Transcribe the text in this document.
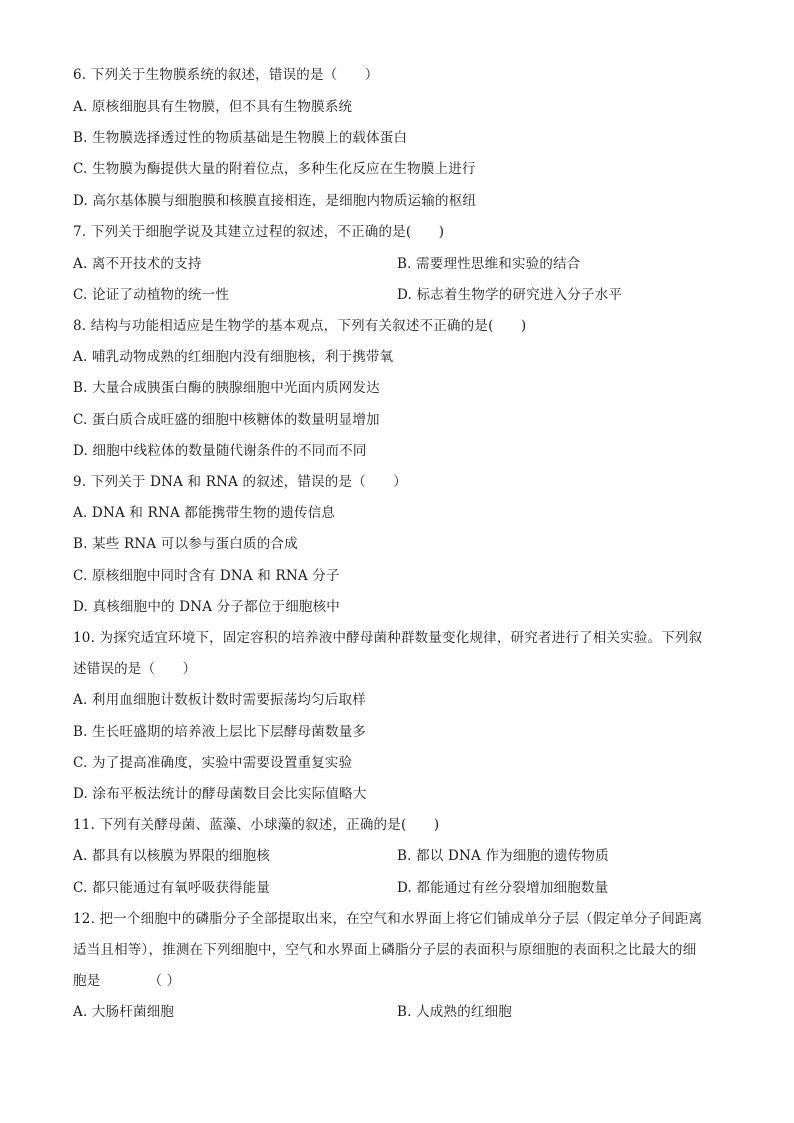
6. 下列关于生物膜系统的叙述，错误的是（　　）
A. 原核细胞具有生物膜，但不具有生物膜系统
B. 生物膜选择透过性的物质基础是生物膜上的载体蛋白
C. 生物膜为酶提供大量的附着位点，多种生化反应在生物膜上进行
D. 高尔基体膜与细胞膜和核膜直接相连，是细胞内物质运输的枢纽
7. 下列关于细胞学说及其建立过程的叙述，不正确的是(　　)
A. 离不开技术的支持	B. 需要理性思维和实验的结合
C. 论证了动植物的统一性	D. 标志着生物学的研究进入分子水平
8. 结构与功能相适应是生物学的基本观点，下列有关叙述不正确的是(　　)
A. 哺乳动物成熟的红细胞内没有细胞核，利于携带氧
B. 大量合成胰蛋白酶的胰腺细胞中光面内质网发达
C. 蛋白质合成旺盛的细胞中核糖体的数量明显增加
D. 细胞中线粒体的数量随代谢条件的不同而不同
9. 下列关于 DNA 和 RNA 的叙述，错误的是（　　）
A. DNA 和 RNA 都能携带生物的遗传信息
B. 某些 RNA 可以参与蛋白质的合成
C. 原核细胞中同时含有 DNA 和 RNA 分子
D. 真核细胞中的 DNA 分子都位于细胞核中
10. 为探究适宜环境下，固定容积的培养液中酵母菌种群数量变化规律，研究者进行了相关实验。下列叙
述错误的是（　　）
A. 利用血细胞计数板计数时需要振荡均匀后取样
B. 生长旺盛期的培养液上层比下层酵母菌数量多
C. 为了提高准确度，实验中需要设置重复实验
D. 涂布平板法统计的酵母菌数目会比实际值略大
11. 下列有关酵母菌、蓝藻、小球藻的叙述，正确的是(　　)
A. 都具有以核膜为界限的细胞核	B. 都以 DNA 作为细胞的遗传物质
C. 都只能通过有氧呼吸获得能量	D. 都能通过有丝分裂增加细胞数量
12. 把一个细胞中的磷脂分子全部提取出来，在空气和水界面上将它们铺成单分子层（假定单分子间距离
适当且相等），推测在下列细胞中，空气和水界面上磷脂分子层的表面积与原细胞的表面积之比最大的细
胞是　　　　（ ）
A. 大肠杆菌细胞	B. 人成熟的红细胞
